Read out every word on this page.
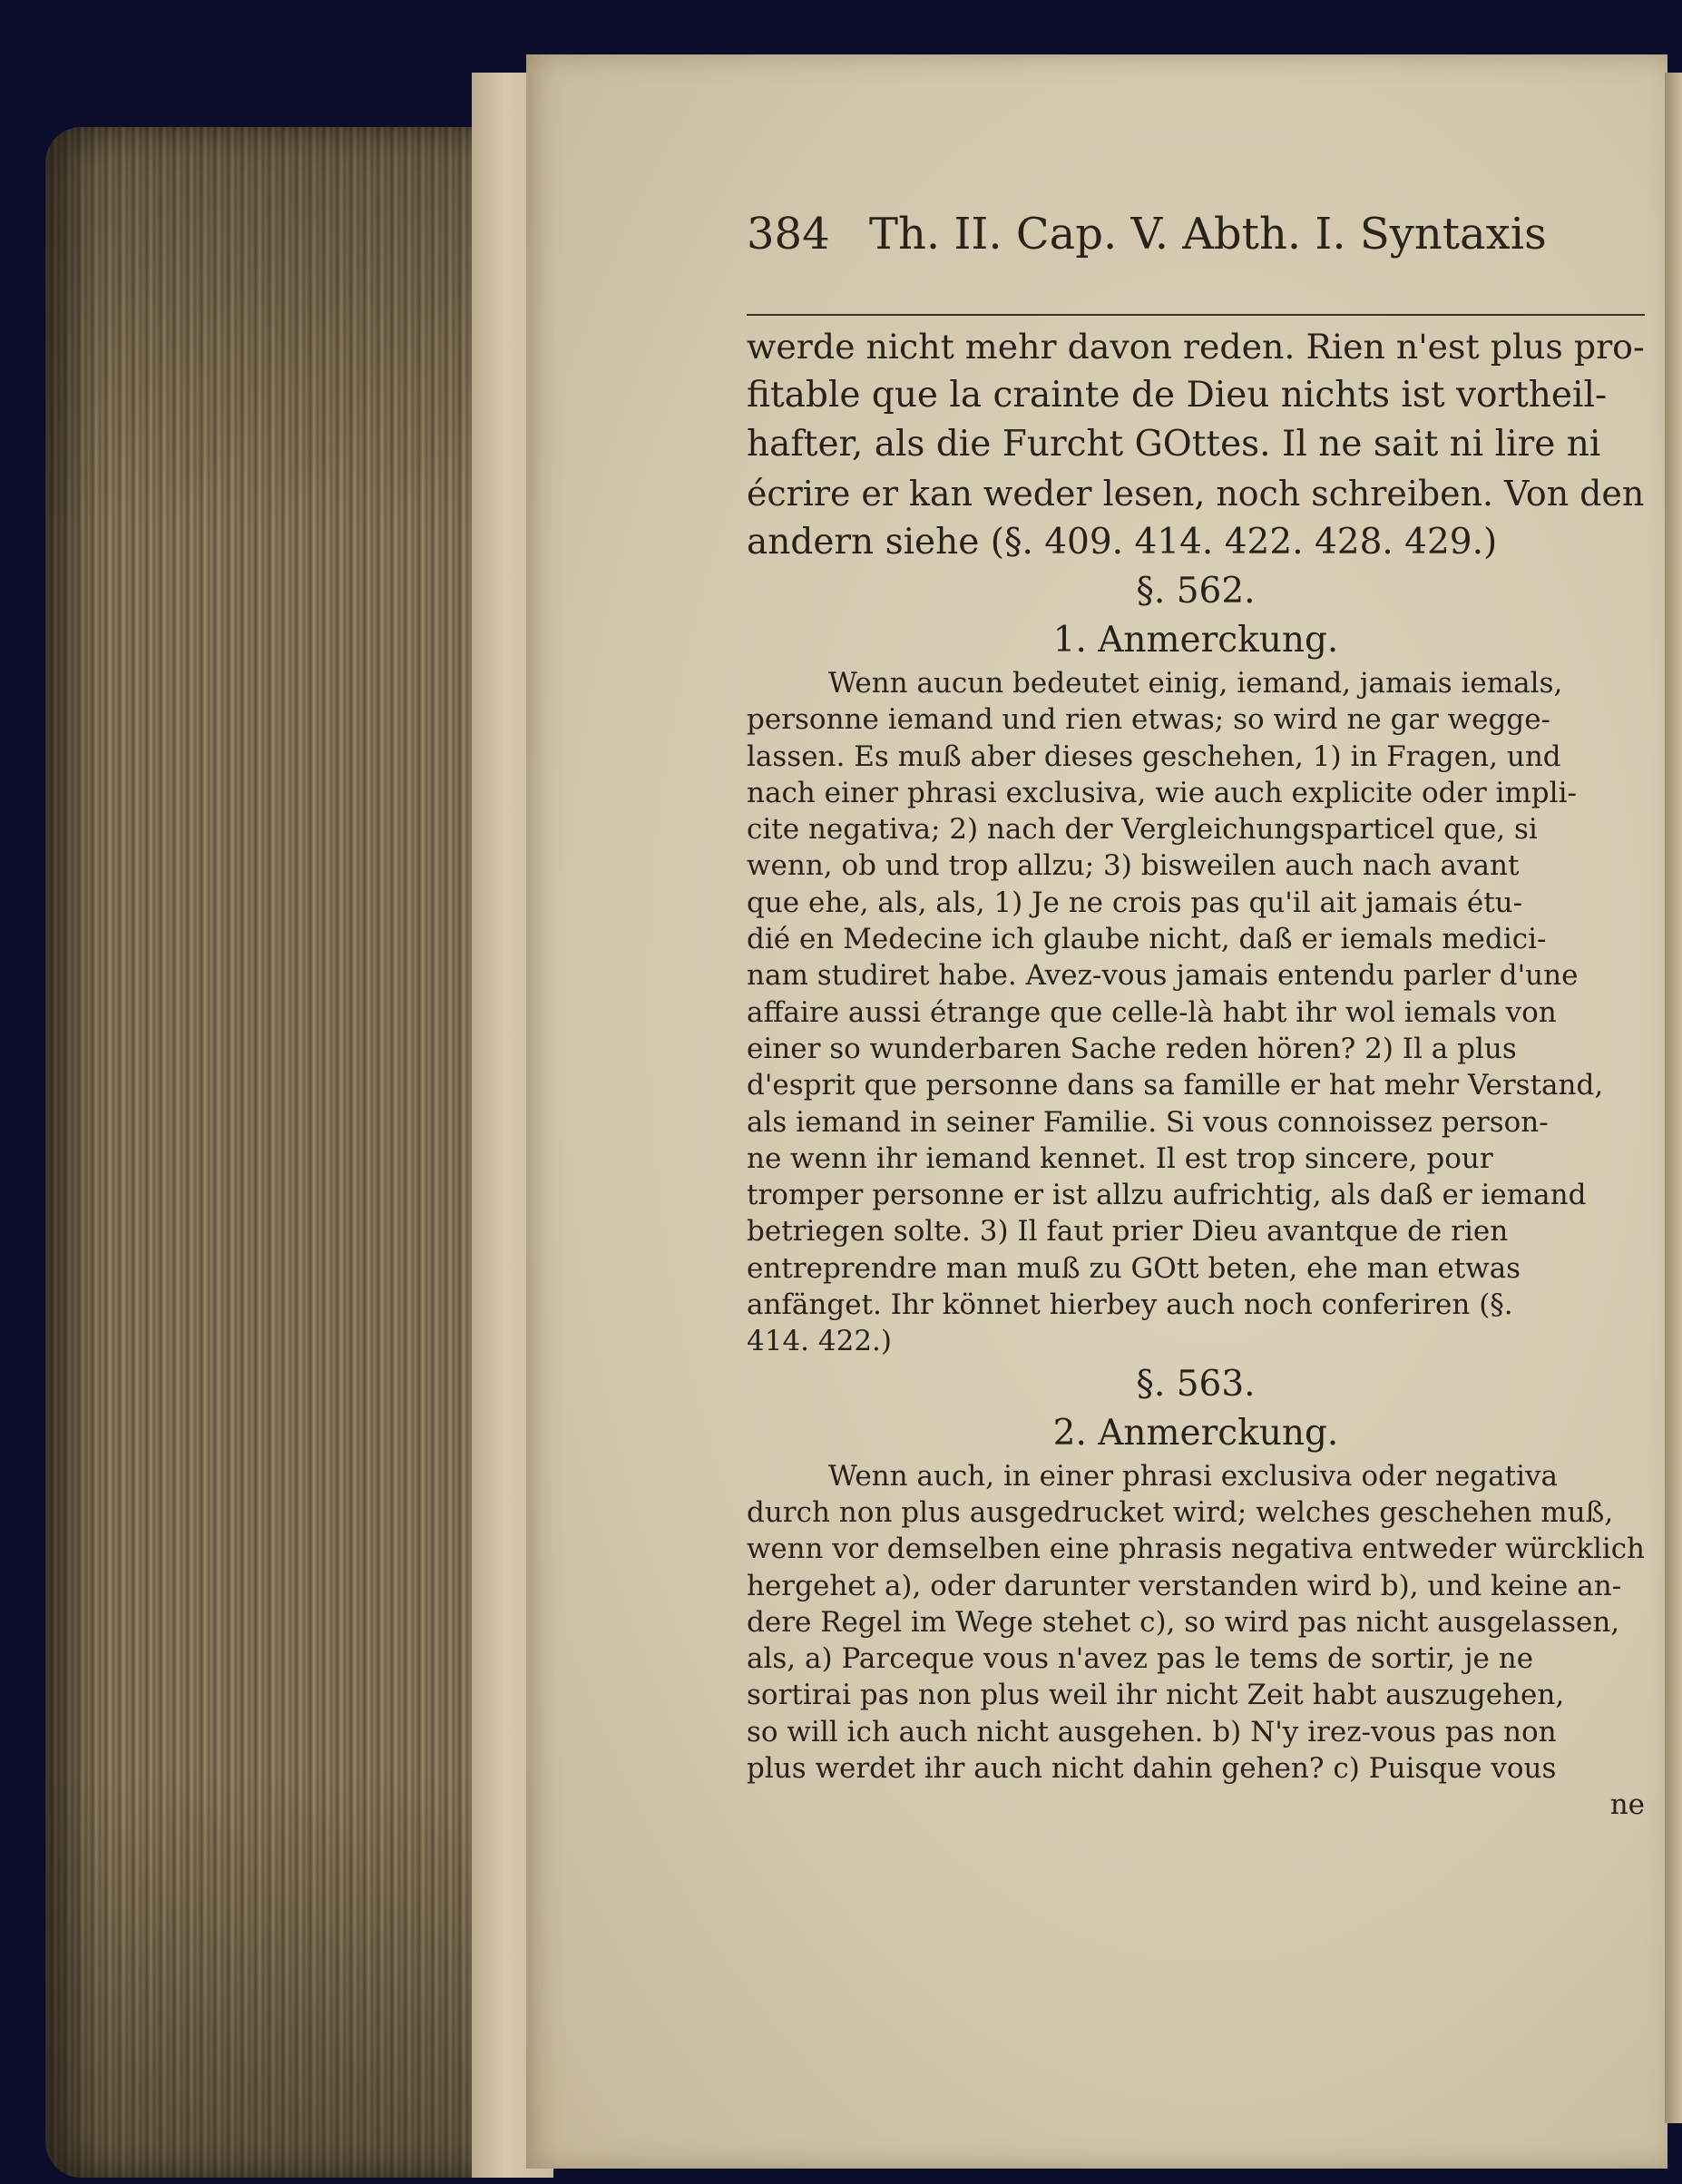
384 Th. II. Cap. V. Abth. I. Syntaxis
werde nicht mehr davon reden. Rien n'est plus pro-
fitable que la crainte de Dieu nichts ist vortheil-
hafter, als die Furcht GOttes. Il ne sait ni lire ni
écrire er kan weder lesen, noch schreiben. Von den
andern siehe (§. 409. 414. 422. 428. 429.)
§. 562.
1. Anmerckung.
Wenn aucun bedeutet einig, iemand, jamais iemals,
personne iemand und rien etwas; so wird ne gar wegge-
lassen. Es muß aber dieses geschehen, 1) in Fragen, und
nach einer phrasi exclusiva, wie auch explicite oder impli-
cite negativa; 2) nach der Vergleichungsparticel que, si
wenn, ob und trop allzu; 3) bisweilen auch nach avant
que ehe, als, als, 1) Je ne crois pas qu'il ait jamais étu-
dié en Medecine ich glaube nicht, daß er iemals medici-
nam studiret habe. Avez-vous jamais entendu parler d'une
affaire aussi étrange que celle-là habt ihr wol iemals von
einer so wunderbaren Sache reden hören? 2) Il a plus
d'esprit que personne dans sa famille er hat mehr Verstand,
als iemand in seiner Familie. Si vous connoissez person-
ne wenn ihr iemand kennet. Il est trop sincere, pour
tromper personne er ist allzu aufrichtig, als daß er iemand
betriegen solte. 3) Il faut prier Dieu avantque de rien
entreprendre man muß zu GOtt beten, ehe man etwas
anfänget. Ihr könnet hierbey auch noch conferiren (§.
414. 422.)
§. 563.
2. Anmerckung.
Wenn auch, in einer phrasi exclusiva oder negativa
durch non plus ausgedrucket wird; welches geschehen muß,
wenn vor demselben eine phrasis negativa entweder würcklich
hergehet a), oder darunter verstanden wird b), und keine an-
dere Regel im Wege stehet c), so wird pas nicht ausgelassen,
als, a) Parceque vous n'avez pas le tems de sortir, je ne
sortirai pas non plus weil ihr nicht Zeit habt auszugehen,
so will ich auch nicht ausgehen. b) N'y irez-vous pas non
plus werdet ihr auch nicht dahin gehen? c) Puisque vous
ne
